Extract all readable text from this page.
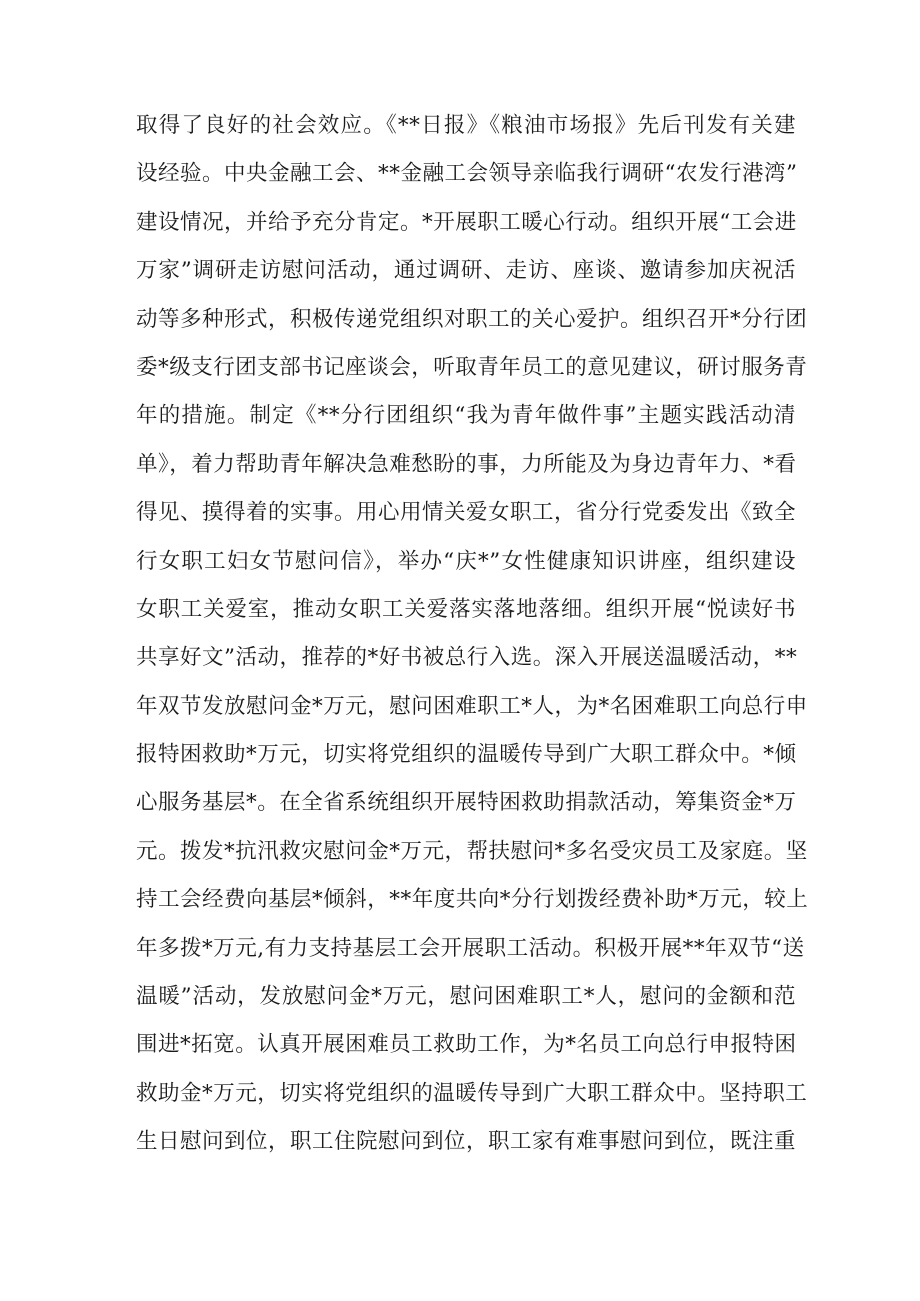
取得了良好的社会效应。《**日报》《粮油市场报》先后刊发有关建
设经验。中央金融工会、**金融工会领导亲临我行调研“农发行港湾”
建设情况，并给予充分肯定。*开展职工暖心行动。组织开展“工会进
万家”调研走访慰问活动，通过调研、走访、座谈、邀请参加庆祝活
动等多种形式，积极传递党组织对职工的关心爱护。组织召开*分行团
委*级支行团支部书记座谈会，听取青年员工的意见建议，研讨服务青
年的措施。制定《**分行团组织“我为青年做件事”主题实践活动清
单》，着力帮助青年解决急难愁盼的事，力所能及为身边青年力、*看
得见、摸得着的实事。用心用情关爱女职工，省分行党委发出《致全
行女职工妇女节慰问信》，举办“庆*”女性健康知识讲座，组织建设
女职工关爱室，推动女职工关爱落实落地落细。组织开展“悦读好书
共享好文”活动，推荐的*好书被总行入选。深入开展送温暖活动，**
年双节发放慰问金*万元，慰问困难职工*人，为*名困难职工向总行申
报特困救助*万元，切实将党组织的温暖传导到广大职工群众中。*倾
心服务基层*。在全省系统组织开展特困救助捐款活动，筹集资金*万
元。拨发*抗汛救灾慰问金*万元，帮扶慰问*多名受灾员工及家庭。坚
持工会经费向基层*倾斜，**年度共向*分行划拨经费补助*万元，较上
年多拨*万元,有力支持基层工会开展职工活动。积极开展**年双节“送
温暖”活动，发放慰问金*万元，慰问困难职工*人，慰问的金额和范
围进*拓宽。认真开展困难员工救助工作，为*名员工向总行申报特困
救助金*万元，切实将党组织的温暖传导到广大职工群众中。坚持职工
生日慰问到位，职工住院慰问到位，职工家有难事慰问到位，既注重
